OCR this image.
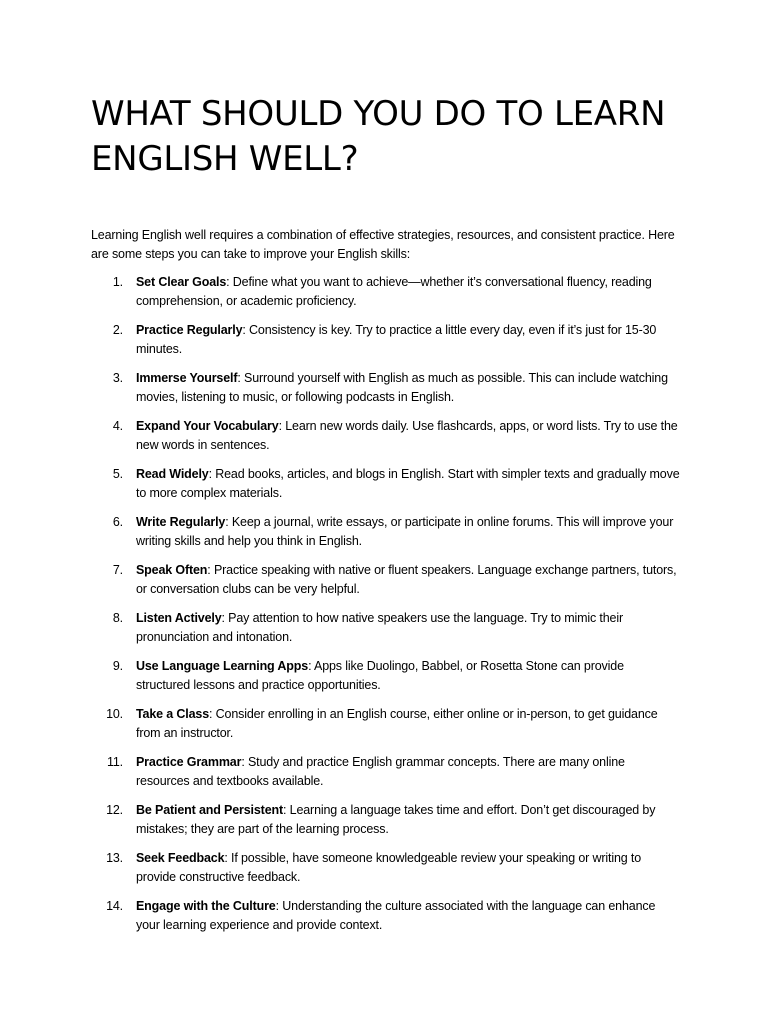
WHAT SHOULD YOU DO TO LEARN ENGLISH WELL?

Learning English well requires a combination of effective strategies, resources, and consistent practice. Here are some steps you can take to improve your English skills:

1. Set Clear Goals: Define what you want to achieve—whether it’s conversational fluency, reading comprehension, or academic proficiency.
2. Practice Regularly: Consistency is key. Try to practice a little every day, even if it’s just for 15-30 minutes.
3. Immerse Yourself: Surround yourself with English as much as possible. This can include watching movies, listening to music, or following podcasts in English.
4. Expand Your Vocabulary: Learn new words daily. Use flashcards, apps, or word lists. Try to use the new words in sentences.
5. Read Widely: Read books, articles, and blogs in English. Start with simpler texts and gradually move to more complex materials.
6. Write Regularly: Keep a journal, write essays, or participate in online forums. This will improve your writing skills and help you think in English.
7. Speak Often: Practice speaking with native or fluent speakers. Language exchange partners, tutors, or conversation clubs can be very helpful.
8. Listen Actively: Pay attention to how native speakers use the language. Try to mimic their pronunciation and intonation.
9. Use Language Learning Apps: Apps like Duolingo, Babbel, or Rosetta Stone can provide structured lessons and practice opportunities.
10. Take a Class: Consider enrolling in an English course, either online or in-person, to get guidance from an instructor.
11. Practice Grammar: Study and practice English grammar concepts. There are many online resources and textbooks available.
12. Be Patient and Persistent: Learning a language takes time and effort. Don’t get discouraged by mistakes; they are part of the learning process.
13. Seek Feedback: If possible, have someone knowledgeable review your speaking or writing to provide constructive feedback.
14. Engage with the Culture: Understanding the culture associated with the language can enhance your learning experience and provide context.
